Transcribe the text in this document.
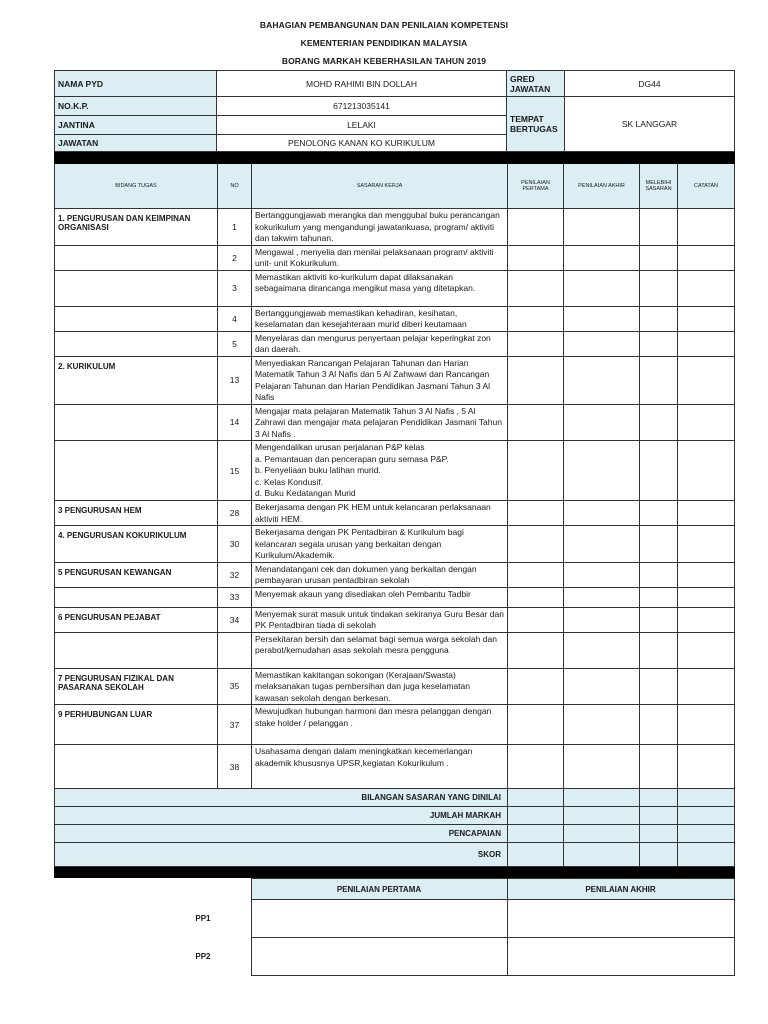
BAHAGIAN PEMBANGUNAN DAN PENILAIAN KOMPETENSI
KEMENTERIAN PENDIDIKAN MALAYSIA
BORANG MARKAH KEBERHASILAN TAHUN 2019
NAMA PYD	MOHD RAHIMI BIN DOLLAH	GRED JAWATAN	DG44
NO.K.P.	671213035141	TEMPAT BERTUGAS	SK LANGGAR
JANTINA	LELAKI		
JAWATAN	PENOLONG KANAN KO KURIKULUM		

BIDANG TUGAS	NO	SASARAN KERJA	PENILAIAN PERTAMA	PENILAIAN AKHIR	MELEBIHI SASARAN	CATATAN
1. PENGURUSAN DAN KEIMPINAN ORGANISASI	1	Bertanggungjawab merangka dan menggubal buku perancangan kokurikulum yang mengandungi jawatankuasa, program/ aktiviti dan takwim tahunan.				
	2	Mengawal , menyelia dan menilai pelaksanaan program/ aktiviti unit- unit Kokurikulum.				
	3	Memastikan aktiviti ko-kurikulum dapat dilaksanakan sebagaimana dirancanga mengikut masa yang ditetapkan.				
	4	Bertanggungjawab memastikan kehadiran, kesihatan, keselamatan dan kesejahteraan murid diberi keutamaan				
	5	Menyelaras dan mengurus penyertaan pelajar keperingkat zon dan daerah.				
2. KURIKULUM	13	Menyediakan Rancangan Pelajaran Tahunan dan Harian Matematik Tahun 3 Al Nafis dan 5 Al Zahwawi dan Rancangan Pelajaran Tahunan dan Harian Pendidikan Jasmani Tahun 3 Al Nafis				
	14	Mengajar mata pelajaran Matematik Tahun 3 Al Nafis , 5 Al Zahrawi dan mengajar mata pelajaran Pendidikan Jasmani Tahun 3 Al Nafis .				
	15	Mengendalikan urusan perjalanan P&P kelas
a. Pemantauan dan pencerapan guru semasa P&P.
b. Penyeliaan buku latihan murid.
c. Kelas Kondusif.
d. Buku Kedatangan Murid				
3 PENGURUSAN HEM	28	Bekerjasama dengan PK HEM untuk kelancaran perlaksanaan aktiviti HEM.				
4. PENGURUSAN KOKURIKULUM	30	Bekerjasama dengan PK Pentadbiran & Kurikulum bagi kelancaran segala urusan yang berkaitan dengan Kurikulum/Akademik.				
5 PENGURUSAN KEWANGAN	32	Menandatangani cek dan dokumen yang berkaitan dengan pembayaran urusan pentadbiran sekolah				
	33	Menyemak akaun yang disediakan oleh Pembantu Tadbir				
6 PENGURUSAN PEJABAT	34	Menyemak surat masuk untuk tindakan sekiranya Guru Besar dan PK Pentadbiran tiada di sekolah				
		Persekitaran bersih dan selamat bagi semua warga sekolah dan perabot/kemudahan asas sekolah mesra pengguna				
7 PENGURUSAN FIZIKAL DAN PASARANA SEKOLAH	35	Memastikan kakitangan sokongan (Kerajaan/Swasta) melaksanakan tugas pembersihan dan juga keselamatan kawasan sekolah dengan berkesan.				
9 PERHUBUNGAN LUAR	37	Mewujudkan hubungan harmoni dan mesra pelanggan dengan stake holder / pelanggan .				
	38	Usahasama dengan dalam meningkatkan kecemerlangan akademik khususnya UPSR,kegiatan Kokurikulum .				
BILANGAN SASARAN YANG DINILAI						
JUMLAH MARKAH						
PENCAPAIAN						
SKOR						

	PENILAIAN PERTAMA	PENILAIAN AKHIR
PP1		
PP2		
